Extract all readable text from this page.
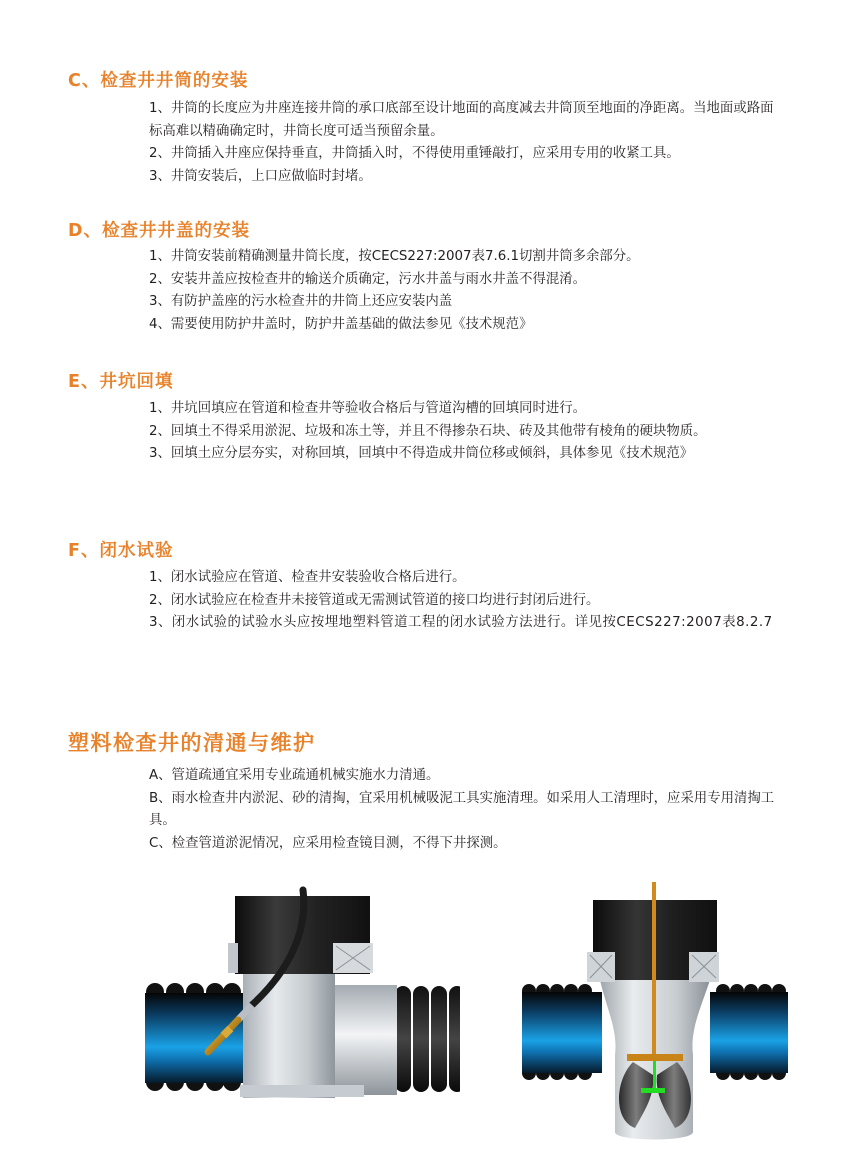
C、检查井井筒的安装

1、井筒的长度应为井座连接井筒的承口底部至设计地面的高度减去井筒顶至地面的净距离。当地面或路面标高难以精确确定时，井筒长度可适当预留余量。

2、井筒插入井座应保持垂直，井筒插入时，不得使用重锤敲打，应采用专用的收紧工具。

3、井筒安装后，上口应做临时封堵。

D、检查井井盖的安装

1、井筒安装前精确测量井筒长度，按CECS227:2007表7.6.1切割井筒多余部分。

2、安装井盖应按检查井的输送介质确定，污水井盖与雨水井盖不得混淆。

3、有防护盖座的污水检查井的井筒上还应安装内盖

4、需要使用防护井盖时，防护井盖基础的做法参见《技术规范》

E、井坑回填

1、井坑回填应在管道和检查井等验收合格后与管道沟槽的回填同时进行。

2、回填土不得采用淤泥、垃圾和冻土等，并且不得掺杂石块、砖及其他带有棱角的硬块物质。

3、回填土应分层夯实，对称回填，回填中不得造成井筒位移或倾斜，具体参见《技术规范》

F、闭水试验

1、闭水试验应在管道、检查井安装验收合格后进行。

2、闭水试验应在检查井未接管道或无需测试管道的接口均进行封闭后进行。

3、闭水试验的试验水头应按埋地塑料管道工程的闭水试验方法进行。详见按CECS227:2007表8.2.7

塑料检查井的清通与维护

A、管道疏通宜采用专业疏通机械实施水力清通。

B、雨水检查井内淤泥、砂的清掏，宜采用机械吸泥工具实施清理。如采用人工清理时，应采用专用清掏工具。

C、检查管道淤泥情况，应采用检查镜目测，不得下井探测。
